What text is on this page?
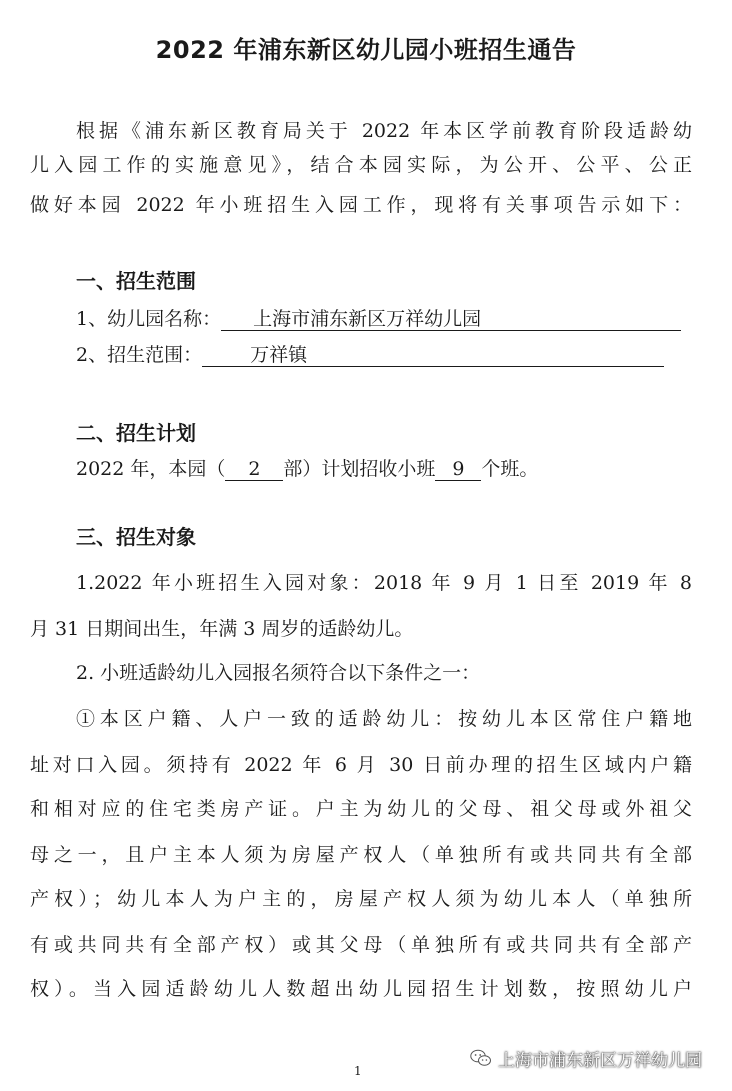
2022 年浦东新区幼儿园小班招生通告
根据《浦东新区教育局关于 2022 年本区学前教育阶段适龄幼
儿入园工作的实施意见》，结合本园实际，为公开、公平、公正
做好本园 2022 年小班招生入园工作，现将有关事项告示如下：
一、招生范围
1、幼儿园名称： 上海市浦东新区万祥幼儿园
2、招生范围：	万祥镇
二、招生计划
2022 年，本园（ 2 部）计划招收小班 9 个班。
三、招生对象
1.2022 年小班招生入园对象：2018 年 9 月 1 日至 2019 年 8
月 31 日期间出生，年满 3 周岁的适龄幼儿。
2. 小班适龄幼儿入园报名须符合以下条件之一：
①本区户籍、人户一致的适龄幼儿：按幼儿本区常住户籍地
址对口入园。须持有 2022 年 6 月 30 日前办理的招生区域内户籍
和相对应的住宅类房产证。户主为幼儿的父母、祖父母或外祖父
母之一，且户主本人须为房屋产权人（单独所有或共同共有全部
产权）；幼儿本人为户主的，房屋产权人须为幼儿本人（单独所
有或共同共有全部产权）或其父母（单独所有或共同共有全部产
权）。当入园适龄幼儿人数超出幼儿园招生计划数，按照幼儿户
1
上海市浦东新区万祥幼儿园
